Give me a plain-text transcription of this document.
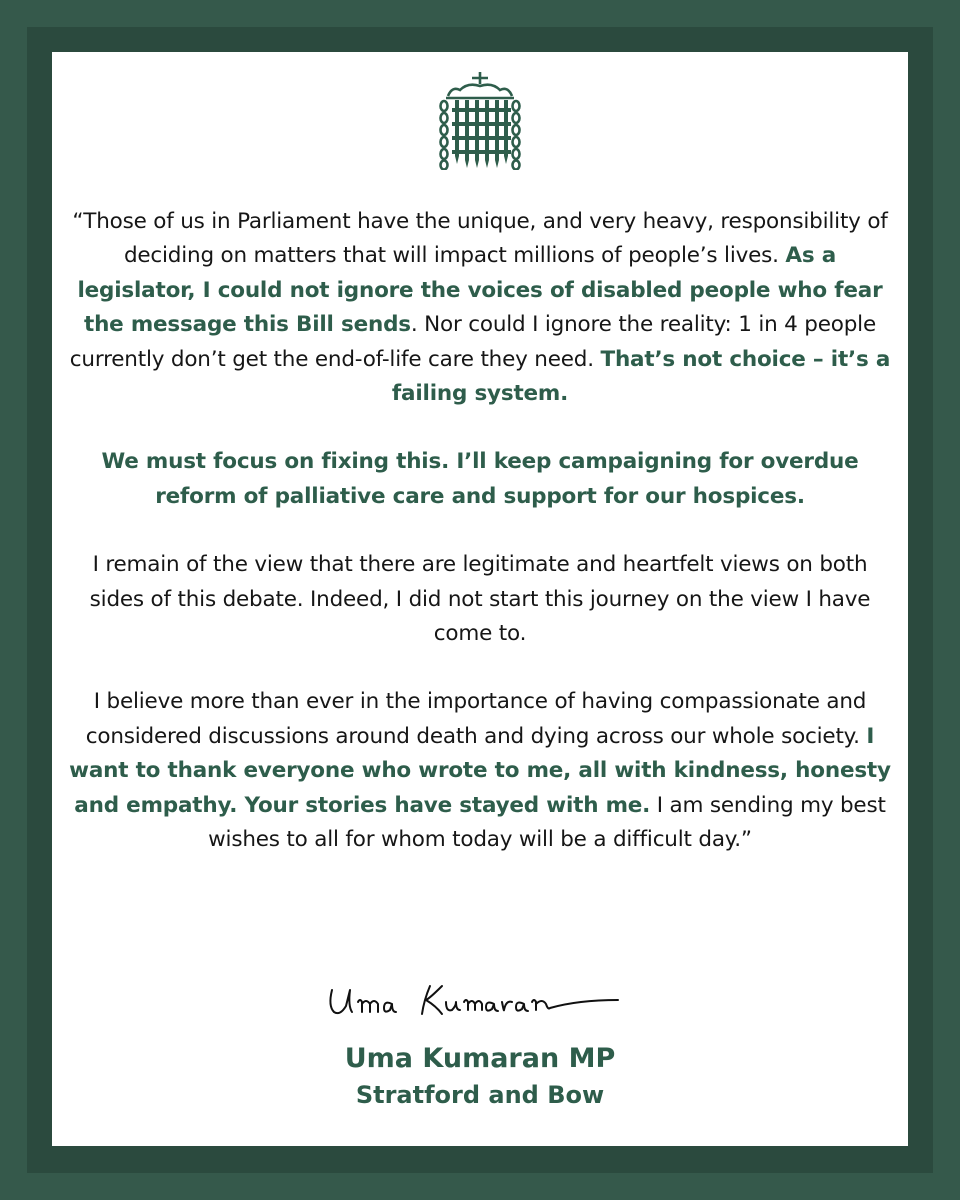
“Those of us in Parliament have the unique, and very heavy, responsibility of deciding on matters that will impact millions of people’s lives. As a legislator, I could not ignore the voices of disabled people who fear the message this Bill sends. Nor could I ignore the reality: 1 in 4 people currently don’t get the end-of-life care they need. That’s not choice – it’s a failing system.

We must focus on fixing this. I’ll keep campaigning for overdue reform of palliative care and support for our hospices.

I remain of the view that there are legitimate and heartfelt views on both sides of this debate. Indeed, I did not start this journey on the view I have come to.

I believe more than ever in the importance of having compassionate and considered discussions around death and dying across our whole society. I want to thank everyone who wrote to me, all with kindness, honesty and empathy. Your stories have stayed with me. I am sending my best wishes to all for whom today will be a difficult day.”

Uma Kumaran MP
Stratford and Bow
